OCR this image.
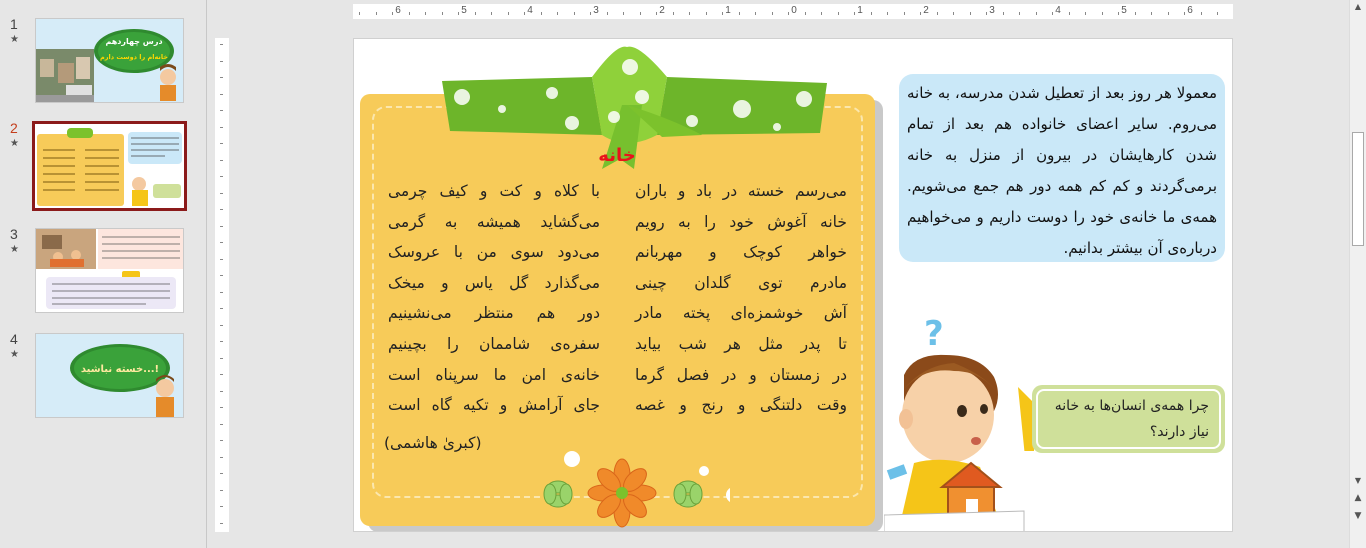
1
★	درس چهاردهم
خانه‌ام را دوست دارم
2
★
3
★
4
★
خسته نباشید...!
6	5	4	3	2	1	0	1	2	3	4	5	6	▲
▼
▲
▼
خانه
می‌رسم خسته در باد و باران
خانه آغوش خود را به رویم
خواهر کوچک و مهربانم
مادرم توی گلدان چینی
آش خوشمزه‌ای پخته مادر
تا پدر مثل هر شب بیاید
در زمستان و در فصل گرما
وقت دلتنگی و رنج و غصه
با کلاه و کت و کیف چرمی
می‌گشاید همیشه به گرمی
می‌دود سوی من با عروسک
می‌گذارد گل یاس و میخک
دور هم منتظر می‌نشینیم
سفره‌ی شاممان را بچینیم
خانه‌ی امن ما سرپناه است
جای آرامش و تکیه گاه است
(کبریٰ هاشمی)
معمولا هر روز بعد از تعطیل شدن مدرسه، به خانه می‌روم. سایر اعضای خانواده هم بعد از تمام شدن کارهایشان در بیرون از منزل به خانه برمی‌گردند و کم کم همه دور هم جمع می‌شویم. همه‌ی ما خانه‌ی خود را دوست داریم و می‌خواهیم درباره‌ی آن بیشتر بدانیم.
?
چرا همه‌ی انسان‌ها به خانه نیاز دارند؟
